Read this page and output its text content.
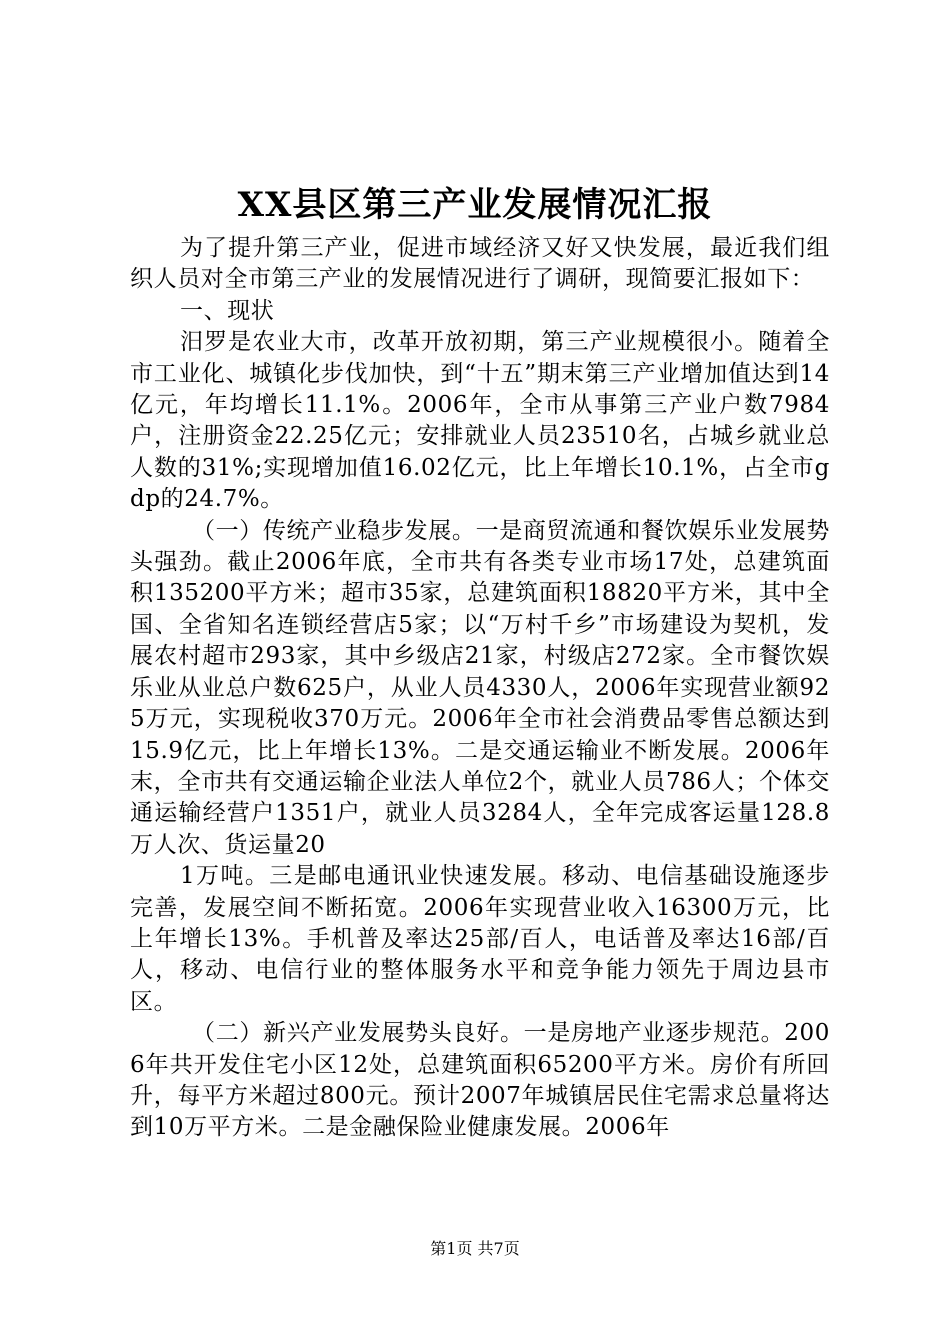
XX县区第三产业发展情况汇报

为了提升第三产业，促进市域经济又好又快发展，最近我们组织人员对全市第三产业的发展情况进行了调研，现简要汇报如下：

一、现状

汨罗是农业大市，改革开放初期，第三产业规模很小。随着全市工业化、城镇化步伐加快，到“十五”期末第三产业增加值达到14亿元，年均增长11.1%。2006年，全市从事第三产业户数7984户，注册资金22.25亿元；安排就业人员23510名，占城乡就业总人数的31%;实现增加值16.02亿元，比上年增长10.1%，占全市gdp的24.7%。

（一）传统产业稳步发展。一是商贸流通和餐饮娱乐业发展势头强劲。截止2006年底，全市共有各类专业市场17处，总建筑面积135200平方米；超市35家，总建筑面积18820平方米，其中全国、全省知名连锁经营店5家；以“万村千乡”市场建设为契机，发展农村超市293家，其中乡级店21家，村级店272家。全市餐饮娱乐业从业总户数625户，从业人员4330人，2006年实现营业额925万元，实现税收370万元。2006年全市社会消费品零售总额达到15.9亿元，比上年增长13%。二是交通运输业不断发展。2006年末，全市共有交通运输企业法人单位2个，就业人员786人；个体交通运输经营户1351户，就业人员3284人，全年完成客运量128.8万人次、货运量20

1万吨。三是邮电通讯业快速发展。移动、电信基础设施逐步完善，发展空间不断拓宽。2006年实现营业收入16300万元，比上年增长13%。手机普及率达25部/百人，电话普及率达16部/百人，移动、电信行业的整体服务水平和竞争能力领先于周边县市区。

（二）新兴产业发展势头良好。一是房地产业逐步规范。2006年共开发住宅小区12处，总建筑面积65200平方米。房价有所回升，每平方米超过800元。预计2007年城镇居民住宅需求总量将达到10万平方米。二是金融保险业健康发展。2006年

第1页 共7页
